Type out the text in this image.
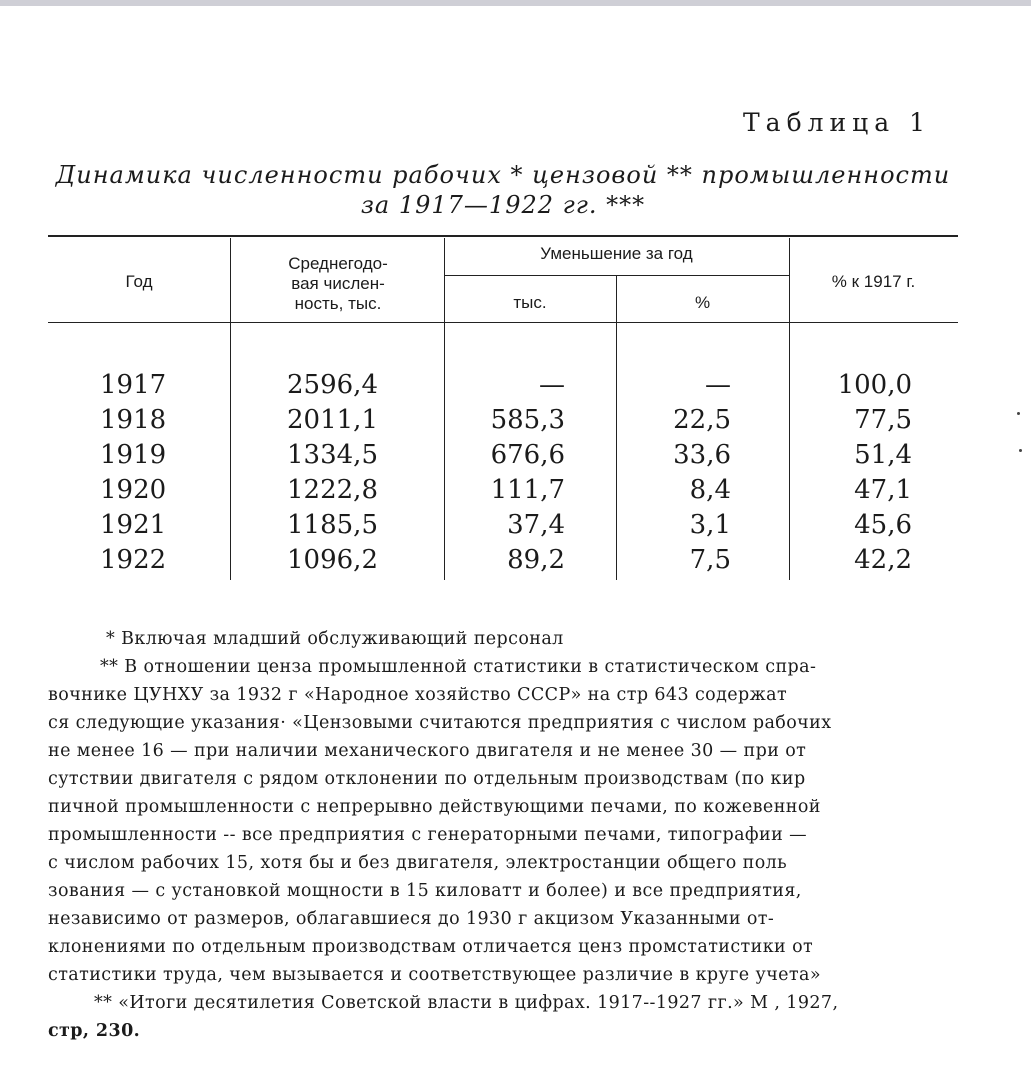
Таблица 1
Динамика численности рабочих * цензовой ** промышленности
за 1917—1922 гг. ***
Год
Среднегодо-
вая числен-
ность, тыс.
Уменьшение за год
тыс.	%
% к 1917 г.
1917	2596,4	—	—	100,0
1918	2011,1	585,3	22,5	77,5
1919	1334,5	676,6	33,6	51,4
1920	1222,8	111,7	8,4	47,1
1921	1185,5	37,4	3,1	45,6
1922	1096,2	89,2	7,5	42,2

* Включая младший обслуживающий персонал

** В отношении ценза промышленной статистики в статистическом спра-

вочнике ЦУНХУ за 1932 г «Народное хозяйство СССР» на стр 643 содержат

ся следующие указания· «Цензовыми считаются предприятия с числом рабочих

не менее 16 — при наличии механического двигателя и не менее 30 — при от

сутствии двигателя с рядом отклонении по отдельным производствам (по кир

пичной промышленности с непрерывно действующими печами, по кожевенной

промышленности -- все предприятия с генераторными печами, типографии —

с числом рабочих 15, хотя бы и без двигателя, электростанции общего поль

зования — с установкой мощности в 15 киловатт и более) и все предприятия,

независимо от размеров, облагавшиеся до 1930 г акцизом Указанными от-

клонениями по отдельным производствам отличается ценз промстатистики от

статистики труда, чем вызывается и соответствующее различие в круге учета»

** «Итоги десятилетия Советской власти в цифрах. 1917--1927 гг.» М , 1927,

стр, 230.
